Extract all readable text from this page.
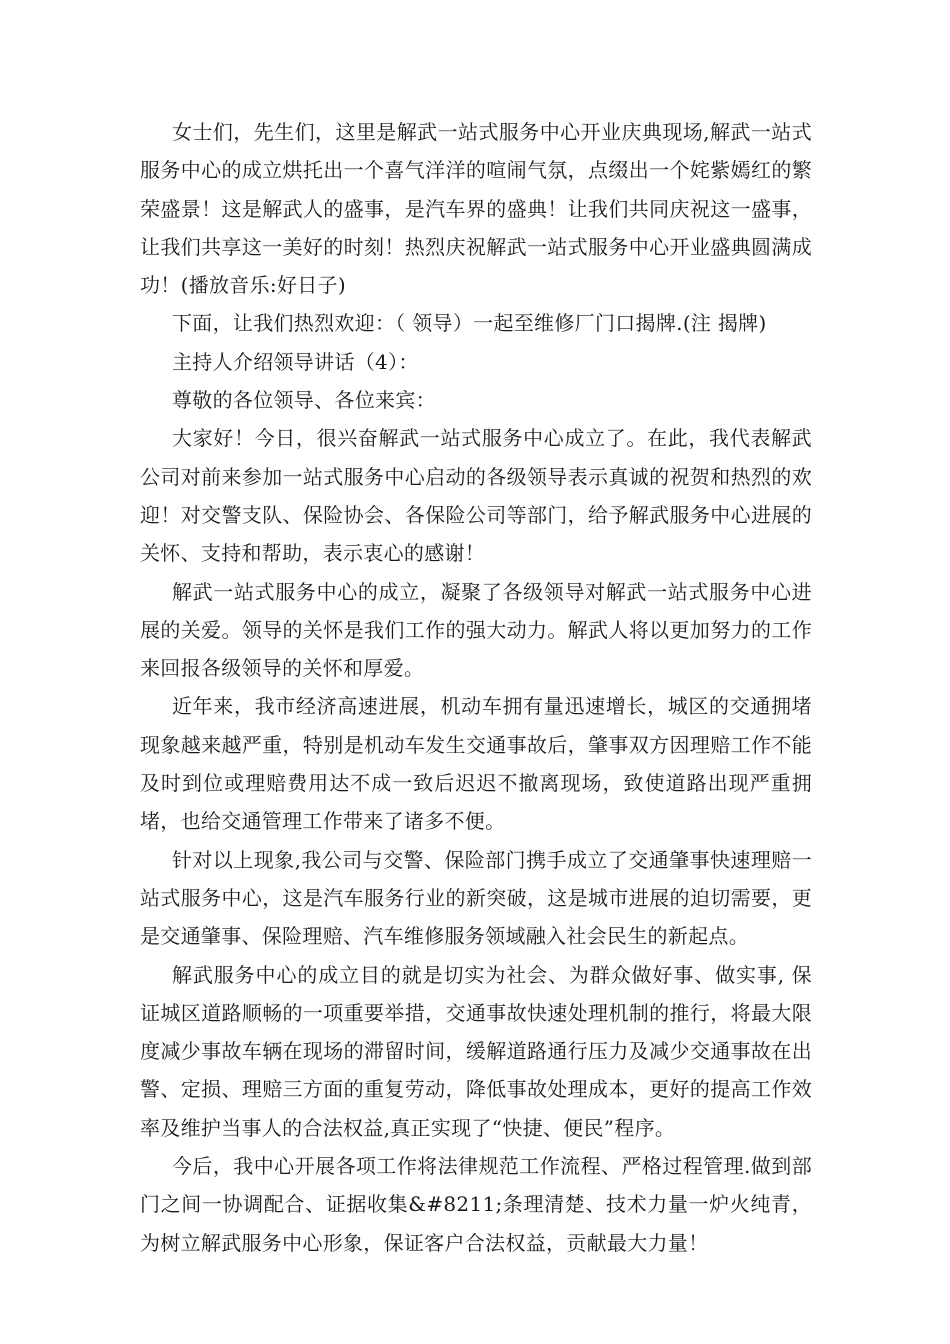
女士们，先生们，这里是解武一站式服务中心开业庆典现场,解武一站式服务中心的成立烘托出一个喜气洋洋的喧闹气氛，点缀出一个姹紫嫣红的繁荣盛景！这是解武人的盛事，是汽车界的盛典！让我们共同庆祝这一盛事，让我们共享这一美好的时刻！热烈庆祝解武一站式服务中心开业盛典圆满成功！(播放音乐:好日子)

下面，让我们热烈欢迎：（ 领导）一起至维修厂门口揭牌.(注 揭牌)

主持人介绍领导讲话（4）：

尊敬的各位领导、各位来宾：

大家好！今日，很兴奋解武一站式服务中心成立了。在此，我代表解武公司对前来参加一站式服务中心启动的各级领导表示真诚的祝贺和热烈的欢迎！对交警支队、保险协会、各保险公司等部门，给予解武服务中心进展的关怀、支持和帮助，表示衷心的感谢！

解武一站式服务中心的成立，凝聚了各级领导对解武一站式服务中心进展的关爱。领导的关怀是我们工作的强大动力。解武人将以更加努力的工作来回报各级领导的关怀和厚爱。

近年来，我市经济高速进展，机动车拥有量迅速增长，城区的交通拥堵现象越来越严重，特别是机动车发生交通事故后，肇事双方因理赔工作不能及时到位或理赔费用达不成一致后迟迟不撤离现场，致使道路出现严重拥堵，也给交通管理工作带来了诸多不便。

针对以上现象,我公司与交警、保险部门携手成立了交通肇事快速理赔一站式服务中心，这是汽车服务行业的新突破，这是城市进展的迫切需要，更是交通肇事、保险理赔、汽车维修服务领域融入社会民生的新起点。

解武服务中心的成立目的就是切实为社会、为群众做好事、做实事, 保证城区道路顺畅的一项重要举措，交通事故快速处理机制的推行，将最大限度减少事故车辆在现场的滞留时间，缓解道路通行压力及减少交通事故在出警、定损、理赔三方面的重复劳动，降低事故处理成本，更好的提高工作效率及维护当事人的合法权益,真正实现了“快捷、便民”程序。

今后，我中心开展各项工作将法律规范工作流程、严格过程管理.做到部门之间一协调配合、证据收集&#8211;条理清楚、技术力量一炉火纯青，为树立解武服务中心形象，保证客户合法权益，贡献最大力量！
